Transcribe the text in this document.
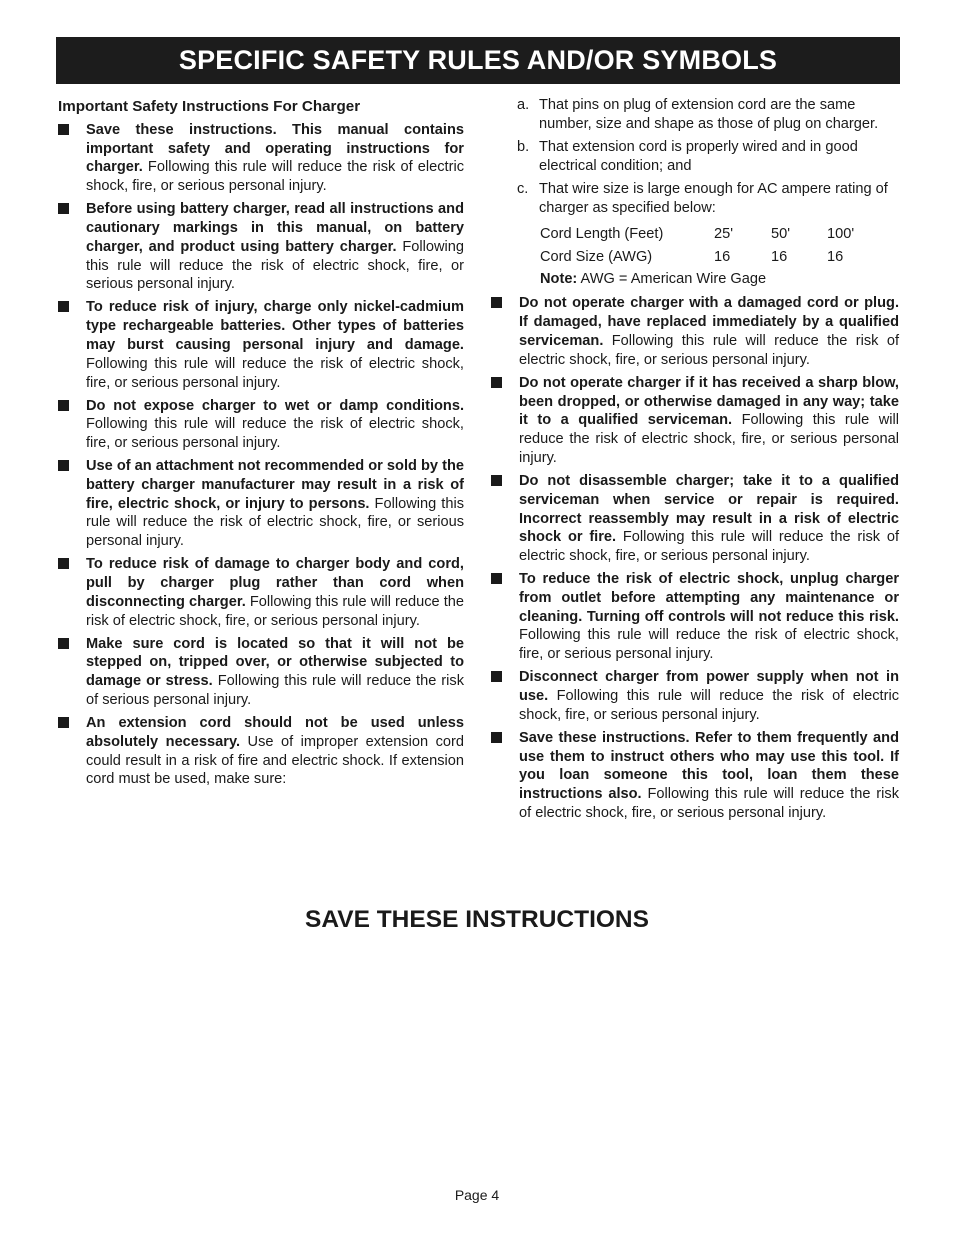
SPECIFIC SAFETY RULES AND/OR SYMBOLS
Important Safety Instructions For Charger
Save these instructions. This manual contains important safety and operating instructions for charger. Following this rule will reduce the risk of electric shock, fire, or serious personal injury.
Before using battery charger, read all instructions and cautionary markings in this manual, on battery charger, and product using battery charger. Following this rule will reduce the risk of electric shock, fire, or serious personal injury.
To reduce risk of injury, charge only nickel-cadmium type rechargeable batteries. Other types of batteries may burst causing personal injury and damage. Following this rule will reduce the risk of electric shock, fire, or serious personal injury.
Do not expose charger to wet or damp conditions. Following this rule will reduce the risk of electric shock, fire, or serious personal injury.
Use of an attachment not recommended or sold by the battery charger manufacturer may result in a risk of fire, electric shock, or injury to persons. Following this rule will reduce the risk of electric shock, fire, or serious personal injury.
To reduce risk of damage to charger body and cord, pull by charger plug rather than cord when disconnecting charger. Following this rule will reduce the risk of electric shock, fire, or serious personal injury.
Make sure cord is located so that it will not be stepped on, tripped over, or otherwise subjected to damage or stress. Following this rule will reduce the risk of serious personal injury.
An extension cord should not be used unless absolutely necessary. Use of improper extension cord could result in a risk of fire and electric shock. If extension cord must be used, make sure:
a. That pins on plug of extension cord are the same number, size and shape as those of plug on charger.
b. That extension cord is properly wired and in good electrical condition; and
c. That wire size is large enough for AC ampere rating of charger as specified below:
Cord Length (Feet)	25'	50'	100'
Cord Size (AWG)	16	16	16
Note: AWG = American Wire Gage
Do not operate charger with a damaged cord or plug. If damaged, have replaced immediately by a qualified serviceman. Following this rule will reduce the risk of electric shock, fire, or serious personal injury.
Do not operate charger if it has received a sharp blow, been dropped, or otherwise damaged in any way; take it to a qualified serviceman. Following this rule will reduce the risk of electric shock, fire, or serious personal injury.
Do not disassemble charger; take it to a qualified serviceman when service or repair is required. Incorrect reassembly may result in a risk of electric shock or fire. Following this rule will reduce the risk of electric shock, fire, or serious personal injury.
To reduce the risk of electric shock, unplug charger from outlet before attempting any maintenance or cleaning. Turning off controls will not reduce this risk. Following this rule will reduce the risk of electric shock, fire, or serious personal injury.
Disconnect charger from power supply when not in use. Following this rule will reduce the risk of electric shock, fire, or serious personal injury.
Save these instructions. Refer to them frequently and use them to instruct others who may use this tool. If you loan someone this tool, loan them these instructions also. Following this rule will reduce the risk of electric shock, fire, or serious personal injury.
SAVE THESE INSTRUCTIONS
Page 4
